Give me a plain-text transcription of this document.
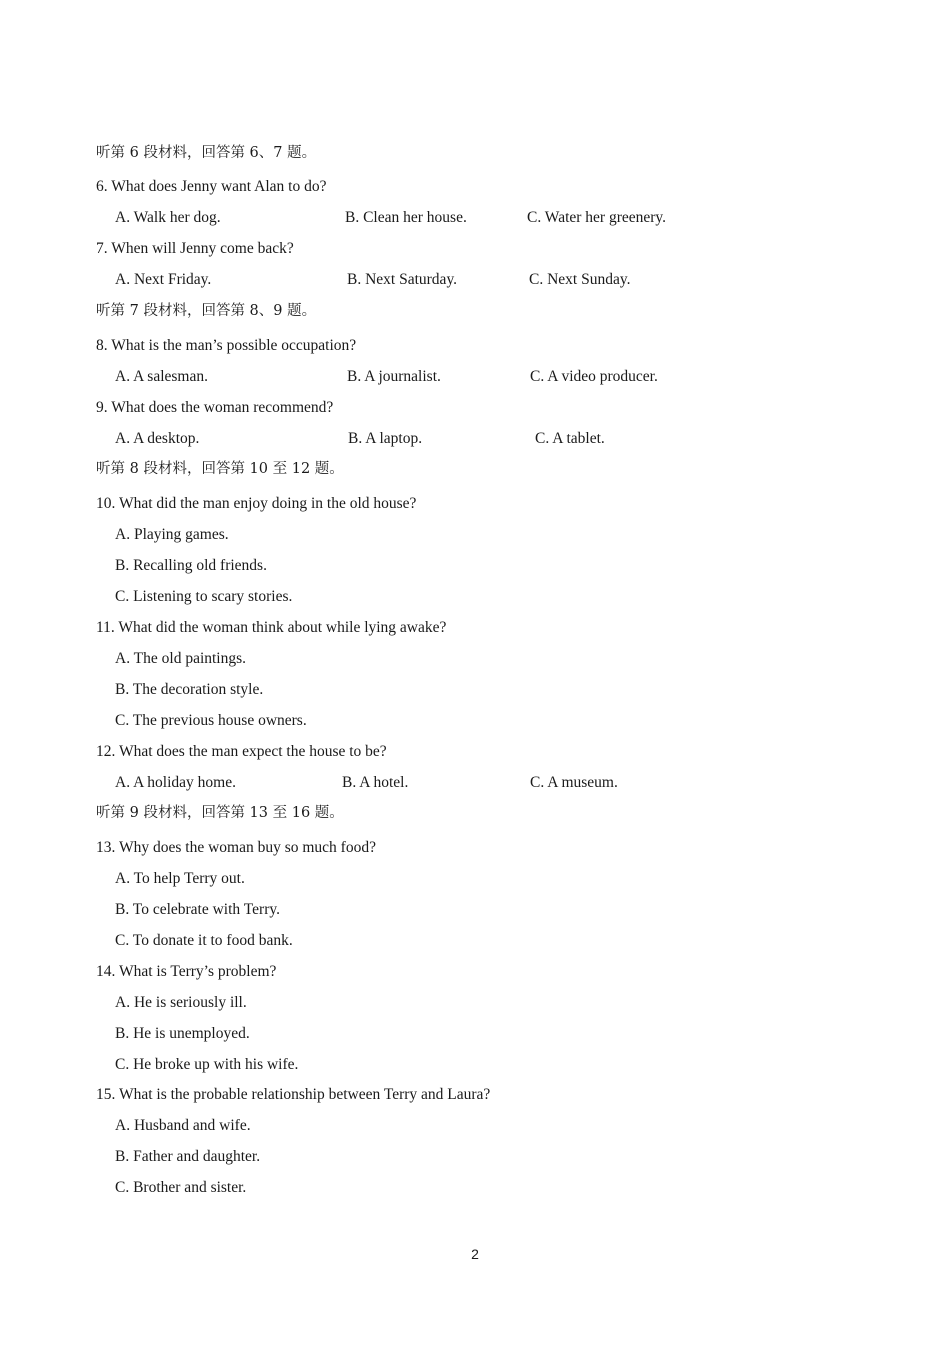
听第 6 段材料，回答第 6、7 题。
6. What does Jenny want Alan to do?
A. Walk her dog.	B. Clean her house.	C. Water her greenery.
7. When will Jenny come back?
A. Next Friday.	B. Next Saturday.	C. Next Sunday.
听第 7 段材料，回答第 8、9 题。
8. What is the man’s possible occupation?
A. A salesman.	B. A journalist.	C. A video producer.
9. What does the woman recommend?
A. A desktop.	B. A laptop.	C. A tablet.
听第 8 段材料，回答第 10 至 12 题。
10. What did the man enjoy doing in the old house?
A. Playing games.
B. Recalling old friends.
C. Listening to scary stories.
11. What did the woman think about while lying awake?
A. The old paintings.
B. The decoration style.
C. The previous house owners.
12. What does the man expect the house to be?
A. A holiday home.	B. A hotel.	C. A museum.
听第 9 段材料，回答第 13 至 16 题。
13. Why does the woman buy so much food?
A. To help Terry out.
B. To celebrate with Terry.
C. To donate it to food bank.
14. What is Terry’s problem?
A. He is seriously ill.
B. He is unemployed.
C. He broke up with his wife.
15. What is the probable relationship between Terry and Laura?
A. Husband and wife.
B. Father and daughter.
C. Brother and sister.
2
